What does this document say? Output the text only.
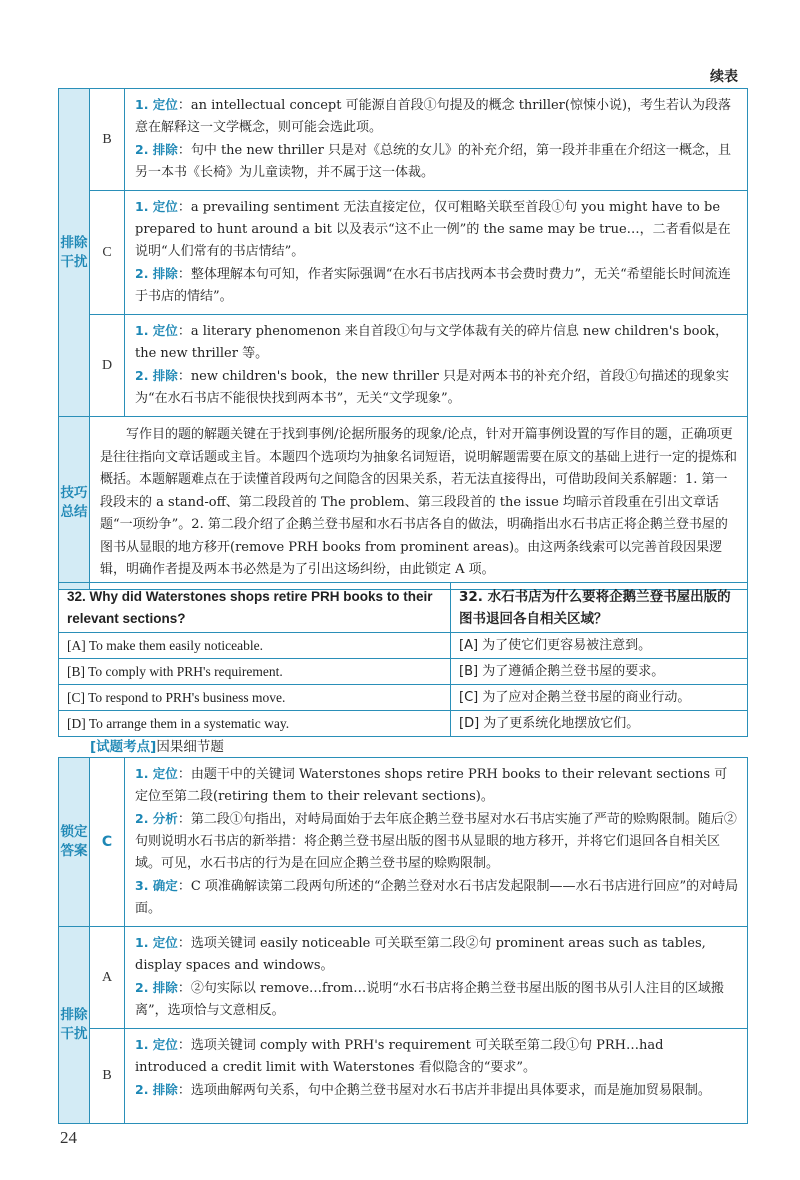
续表
排除干扰	B	1. 定位：an intellectual concept 可能源自首段①句提及的概念 thriller(惊悚小说)，考生若认为段落意在解释这一文学概念，则可能会选此项。
2. 排除：句中 the new thriller 只是对《总统的女儿》的补充介绍，第一段并非重在介绍这一概念，且另一本书《长椅》为儿童读物，并不属于这一体裁。

	C	1. 定位：a prevailing sentiment 无法直接定位，仅可粗略关联至首段①句 you might have to be prepared to hunt around a bit 以及表示“这不止一例”的 the same may be true…，二者看似是在说明“人们常有的书店情结”。
2. 排除：整体理解本句可知，作者实际强调“在水石书店找两本书会费时费力”，无关“希望能长时间流连于书店的情结”。

	D	1. 定位：a literary phenomenon 来自首段①句与文学体裁有关的碎片信息 new children's book，the new thriller 等。
2. 排除：new children's book，the new thriller 只是对两本书的补充介绍，首段①句描述的现象实为“在水石书店不能很快找到两本书”，无关“文学现象”。

技巧总结	写作目的题的解题关键在于找到事例/论据所服务的现象/论点，针对开篇事例设置的写作目的题，正确项更是往往指向文章话题或主旨。本题四个选项均为抽象名词短语，说明解题需要在原文的基础上进行一定的提炼和概括。本题解题难点在于读懂首段两句之间隐含的因果关系，若无法直接得出，可借助段间关系解题：1. 第一段段末的 a stand-off、第二段段首的 The problem、第三段段首的 the issue 均暗示首段重在引出文章话题“一项纷争”。2. 第二段介绍了企鹅兰登书屋和水石书店各自的做法，明确指出水石书店正将企鹅兰登书屋的图书从显眼的地方移开(remove PRH books from prominent areas)。由这两条线索可以完善首段因果逻辑，明确作者提及两本书必然是为了引出这场纠纷，由此锁定 A 项。	
32. Why did Waterstones shops retire PRH books to their relevant sections?	32. 水石书店为什么要将企鹅兰登书屋出版的图书退回各自相关区域？
[A] To make them easily noticeable.	[A] 为了使它们更容易被注意到。
[B] To comply with PRH's requirement.	[B] 为了遵循企鹅兰登书屋的要求。
[C] To respond to PRH's business move.	[C] 为了应对企鹅兰登书屋的商业行动。
[D] To arrange them in a systematic way.	[D] 为了更系统化地摆放它们。
[试题考点]因果细节题
锁定答案	C	1. 定位：由题干中的关键词 Waterstones shops retire PRH books to their relevant sections 可定位至第二段(retiring them to their relevant sections)。
2. 分析：第二段①句指出，对峙局面始于去年底企鹅兰登书屋对水石书店实施了严苛的赊购限制。随后②句则说明水石书店的新举措：将企鹅兰登书屋出版的图书从显眼的地方移开，并将它们退回各自相关区域。可见，水石书店的行为是在回应企鹅兰登书屋的赊购限制。
3. 确定：C 项准确解读第二段两句所述的“企鹅兰登对水石书店发起限制——水石书店进行回应”的对峙局面。

排除干扰	A	1. 定位：选项关键词 easily noticeable 可关联至第二段②句 prominent areas such as tables, display spaces and windows。
2. 排除：②句实际以 remove…from…说明“水石书店将企鹅兰登书屋出版的图书从引人注目的区域搬离”，选项恰与文意相反。

	B	1. 定位：选项关键词 comply with PRH's requirement 可关联至第二段①句 PRH…had introduced a credit limit with Waterstones 看似隐含的“要求”。
2. 排除：选项曲解两句关系，句中企鹅兰登书屋对水石书店并非提出具体要求，而是施加贸易限制。
24
